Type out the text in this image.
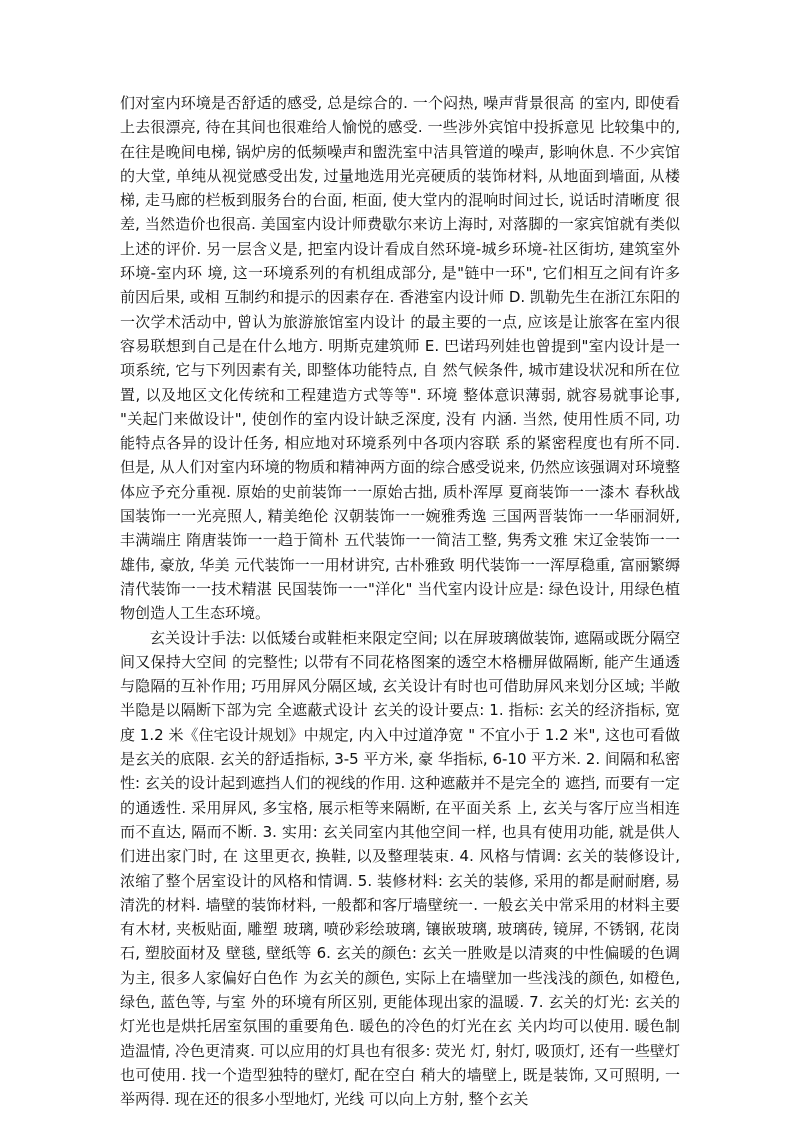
们对室内环境是否舒适的感受, 总是综合的. 一个闷热, 噪声背景很高 的室内, 即使看上去很漂亮, 待在其间也很难给人愉悦的感受. 一些涉外宾馆中投拆意见 比较集中的, 在往是晚间电梯, 锅炉房的低频噪声和盥洗室中洁具管道的噪声, 影响休息. 不少宾馆的大堂, 单纯从视觉感受出发, 过量地选用光亮硬质的装饰材料, 从地面到墙面, 从楼梯, 走马廊的栏板到服务台的台面, 柜面, 使大堂内的混响时间过长, 说话时清晰度 很差, 当然造价也很高. 美国室内设计师费歇尔来访上海时, 对落脚的一家宾馆就有类似 上述的评价. 另一层含义是, 把室内设计看成自然环境-城乡环境-社区街坊, 建筑室外环境-室内环 境, 这一环境系列的有机组成部分, 是"链中一环", 它们相互之间有许多前因后果, 或相 互制约和提示的因素存在. 香港室内设计师 D. 凯勒先生在浙江东阳的一次学术活动中, 曾认为旅游旅馆室内设计 的最主要的一点, 应该是让旅客在室内很容易联想到自己是在什么地方. 明斯克建筑师 E. 巴诺玛列娃也曾提到"室内设计是一项系统, 它与下列因素有关, 即整体功能特点, 自 然气候条件, 城市建设状况和所在位置, 以及地区文化传统和工程建造方式等等". 环境 整体意识薄弱, 就容易就事论事, "关起门来做设计", 使创作的室内设计缺乏深度, 没有 内涵. 当然, 使用性质不同, 功能特点各异的设计任务, 相应地对环境系列中各项内容联 系的紧密程度也有所不同. 但是, 从人们对室内环境的物质和精神两方面的综合感受说来, 仍然应该强调对环境整体应予充分重视. 原始的史前装饰一一原始古拙, 质朴浑厚 夏商装饰一一漆木 春秋战国装饰一一光亮照人, 精美绝伦 汉朝装饰一一婉雅秀逸 三国两晋装饰一一华丽洞妍, 丰满端庄 隋唐装饰一一趋于简朴 五代装饰一一简洁工整, 隽秀文雅 宋辽金装饰一一雄伟, 豪放, 华美 元代装饰一一用材讲究, 古朴雅致 明代装饰一一浑厚稳重, 富丽繁缛 清代装饰一一技术精湛 民国装饰一一"洋化" 当代室内设计应是: 绿色设计, 用绿色植物创造人工生态环境。

玄关设计手法: 以低矮台或鞋柜来限定空间; 以在屏玻璃做装饰, 遮隔或既分隔空间又保持大空间 的完整性; 以带有不同花格图案的透空木格栅屏做隔断, 能产生通透与隐隔的互补作用; 巧用屏风分隔区域, 玄关设计有时也可借助屏风来划分区域; 半敞半隐是以隔断下部为完 全遮蔽式设计 玄关的设计要点: 1. 指标: 玄关的经济指标, 宽度 1.2 米《住宅设计规划》中规定, 内入中过道净宽 " 不宜小于 1.2 米", 这也可看做是玄关的底限. 玄关的舒适指标, 3-5 平方米, 豪 华指标, 6-10 平方米. 2. 间隔和私密性: 玄关的设计起到遮挡人们的视线的作用. 这种遮蔽并不是完全的 遮挡, 而要有一定的通透性. 采用屏风, 多宝格, 展示柜等来隔断, 在平面关系 上, 玄关与客厅应当相连而不直达, 隔而不断. 3. 实用: 玄关同室内其他空间一样, 也具有使用功能, 就是供人们进出家门时, 在 这里更衣, 换鞋, 以及整理装束. 4. 风格与情调: 玄关的装修设计, 浓缩了整个居室设计的风格和情调. 5. 装修材料: 玄关的装修, 采用的都是耐耐磨, 易清洗的材料. 墙壁的装饰材料, 一般都和客厅墙壁统一. 一般玄关中常采用的材料主要有木材, 夹板贴面, 雕塑 玻璃, 喷砂彩绘玻璃, 镶嵌玻璃, 玻璃砖, 镜屏, 不锈钢, 花岗石, 塑胶面材及 壁毯, 壁纸等 6. 玄关的颜色: 玄关一胜败是以清爽的中性偏暖的色调为主, 很多人家偏好白色作 为玄关的颜色, 实际上在墙壁加一些浅浅的颜色, 如橙色, 绿色, 蓝色等, 与室 外的环境有所区别, 更能体现出家的温暖. 7. 玄关的灯光: 玄关的灯光也是烘托居室氛围的重要角色. 暖色的冷色的灯光在玄 关内均可以使用. 暖色制造温情, 冷色更清爽. 可以应用的灯具也有很多: 荧光 灯, 射灯, 吸顶灯, 还有一些壁灯也可使用. 找一个造型独特的壁灯, 配在空白 稍大的墙壁上, 既是装饰, 又可照明, 一举两得. 现在还的很多小型地灯, 光线 可以向上方射, 整个玄关
